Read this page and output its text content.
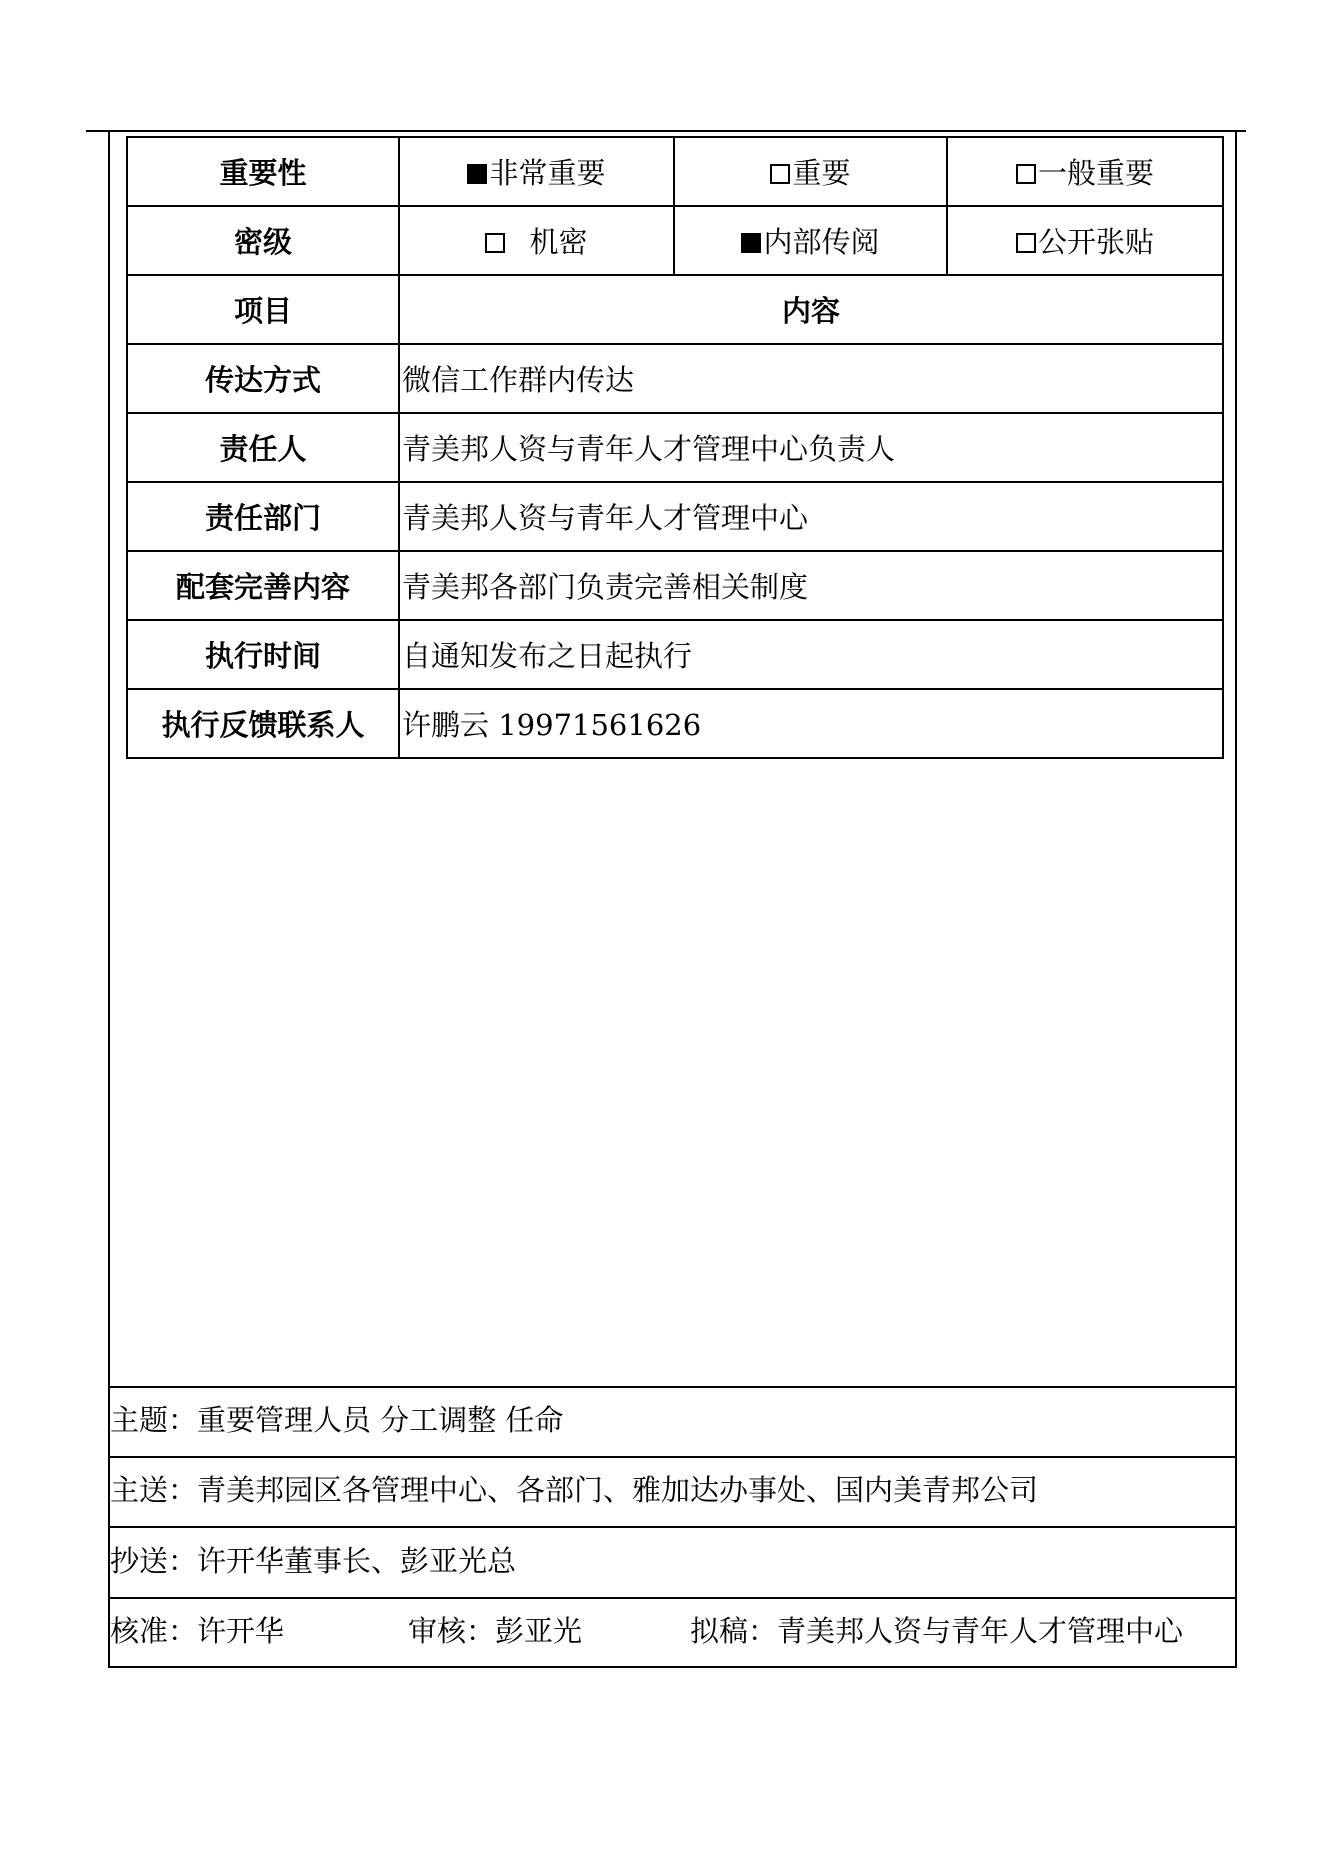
重要性	非常重要	重要	一般重要
密级	机密	内部传阅	公开张贴
项目	内容		
传达方式	微信工作群内传达		
责任人	青美邦人资与青年人才管理中心负责人		
责任部门	青美邦人资与青年人才管理中心		
配套完善内容	青美邦各部门负责完善相关制度		
执行时间	自通知发布之日起执行		
执行反馈联系人	许鹏云 19971561626		
主题：重要管理人员 分工调整 任命
主送：青美邦园区各管理中心、各部门、雅加达办事处、国内美青邦公司
抄送：许开华董事长、彭亚光总
核准：许开华	审核：彭亚光	拟稿：青美邦人资与青年人才管理中心
